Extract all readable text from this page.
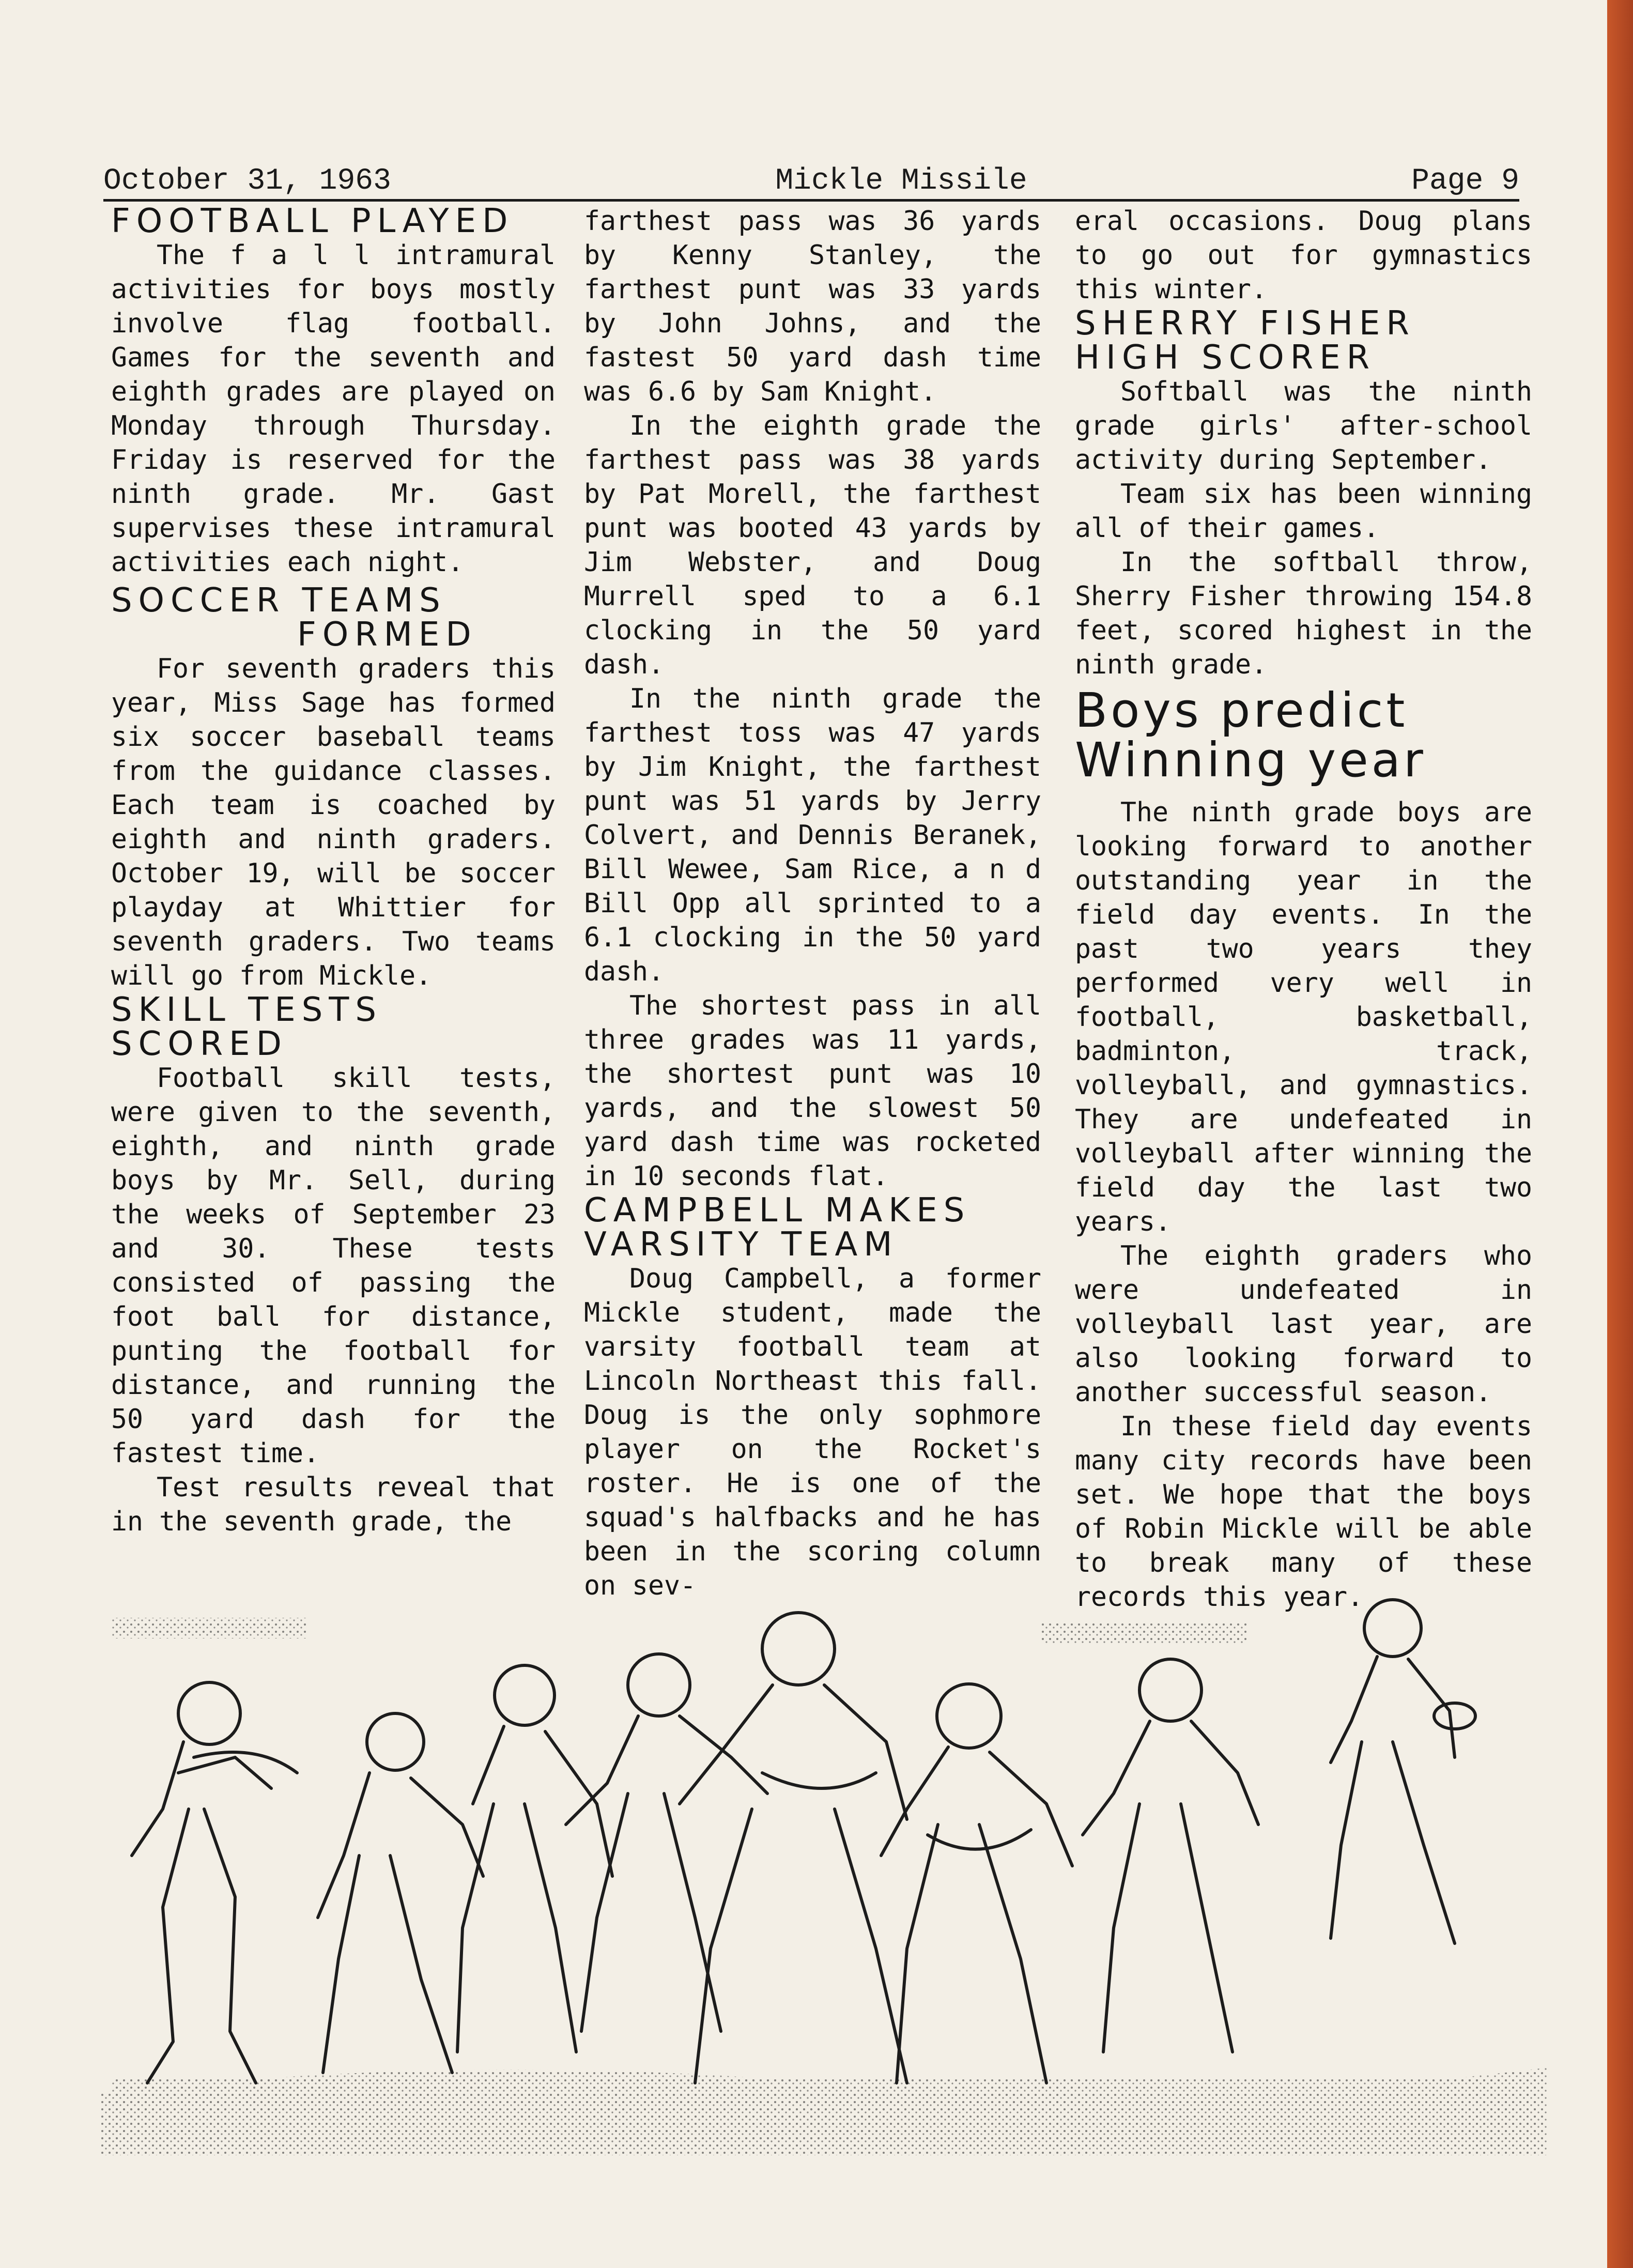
October 31, 1963	Mickle Missile	Page 9
FOOTBALL PLAYED

The f a l l intramural activities for boys mostly involve flag football. Games for the seventh and eighth grades are played on Monday through Thursday. Friday is reserved for the ninth grade. Mr. Gast supervises these intramural activities each night.

SOCCER TEAMS
FORMED

For seventh graders this year, Miss Sage has formed six soccer baseball teams from the guidance classes. Each team is coached by eighth and ninth graders. October 19, will be soccer playday at Whittier for seventh graders. Two teams will go from Mickle.

SKILL TESTS
SCORED

Football skill tests, were given to the seventh, eighth, and ninth grade boys by Mr. Sell, during the weeks of September 23 and 30. These tests consisted of passing the foot ball for distance, punting the football for distance, and running the 50 yard dash for the fastest time.

Test results reveal that in the seventh grade, the

farthest pass was 36 yards by Kenny Stanley, the farthest punt was 33 yards by John Johns, and the fastest 50 yard dash time was 6.6 by Sam Knight.

In the eighth grade the farthest pass was 38 yards by Pat Morell, the farthest punt was booted 43 yards by Jim Webster, and Doug Murrell sped to a 6.1 clocking in the 50 yard dash.

In the ninth grade the farthest toss was 47 yards by Jim Knight, the farthest punt was 51 yards by Jerry Colvert, and Dennis Beranek, Bill Wewee, Sam Rice, a n d Bill Opp all sprinted to a 6.1 clocking in the 50 yard dash.

The shortest pass in all three grades was 11 yards, the shortest punt was 10 yards, and the slowest 50 yard dash time was rocketed in 10 seconds flat.

CAMPBELL MAKES
VARSITY TEAM

Doug Campbell, a former Mickle student, made the varsity football team at Lincoln Northeast this fall. Doug is the only sophmore player on the Rocket's roster. He is one of the squad's halfbacks and he has been in the scoring column on sev-

eral occasions. Doug plans to go out for gymnastics this winter.

SHERRY FISHER
HIGH SCORER

Softball was the ninth grade girls' after-school activity during September.

Team six has been winning all of their games.

In the softball throw, Sherry Fisher throwing 154.8 feet, scored highest in the ninth grade.

Boys predict
Winning year

The ninth grade boys are looking forward to another outstanding year in the field day events. In the past two years they performed very well in football, basketball, badminton, track, volleyball, and gymnastics. They are undefeated in volleyball after winning the field day the last two years.

The eighth graders who were undefeated in volleyball last year, are also looking forward to another successful season.

In these field day events many city records have been set. We hope that the boys of Robin Mickle will be able to break many of these records this year.
